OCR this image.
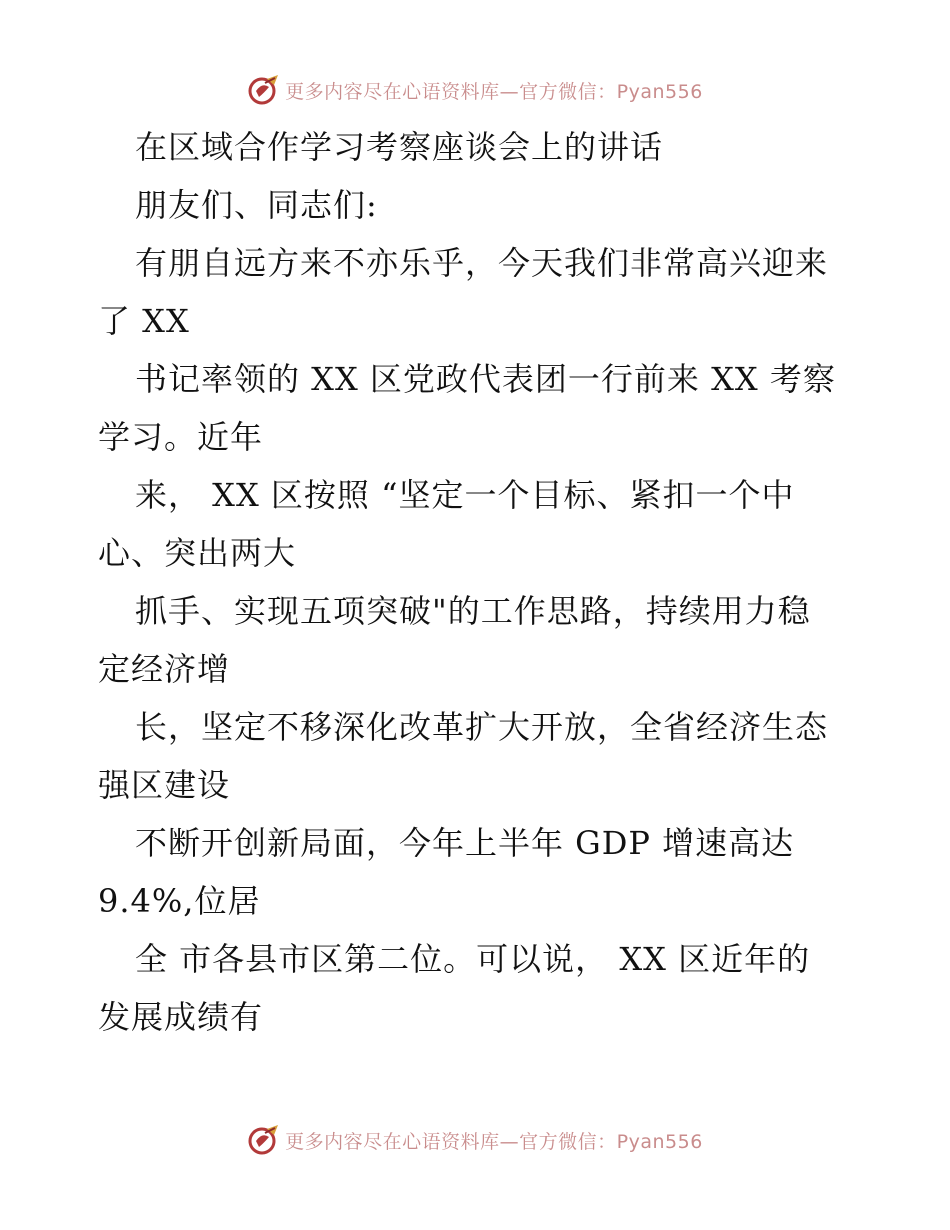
更多内容尽在心语资料库—官方微信：Pyan556
在区域合作学习考察座谈会上的讲话
朋友们、同志们:
有朋自远方来不亦乐乎，今天我们非常高兴迎来
了 XX
书记率领的 XX 区党政代表团一行前来 XX 考察
学习。近年
来， XX 区按照 “坚定一个目标、紧扣一个中
心、突出两大
抓手、实现五项突破"的工作思路，持续用力稳
定经济增
长，坚定不移深化改革扩大开放，全省经济生态
强区建设
不断开创新局面，今年上半年 GDP 增速高达
9.4%,位居
全 市各县市区第二位。可以说， XX 区近年的
发展成绩有
更多内容尽在心语资料库—官方微信：Pyan556
